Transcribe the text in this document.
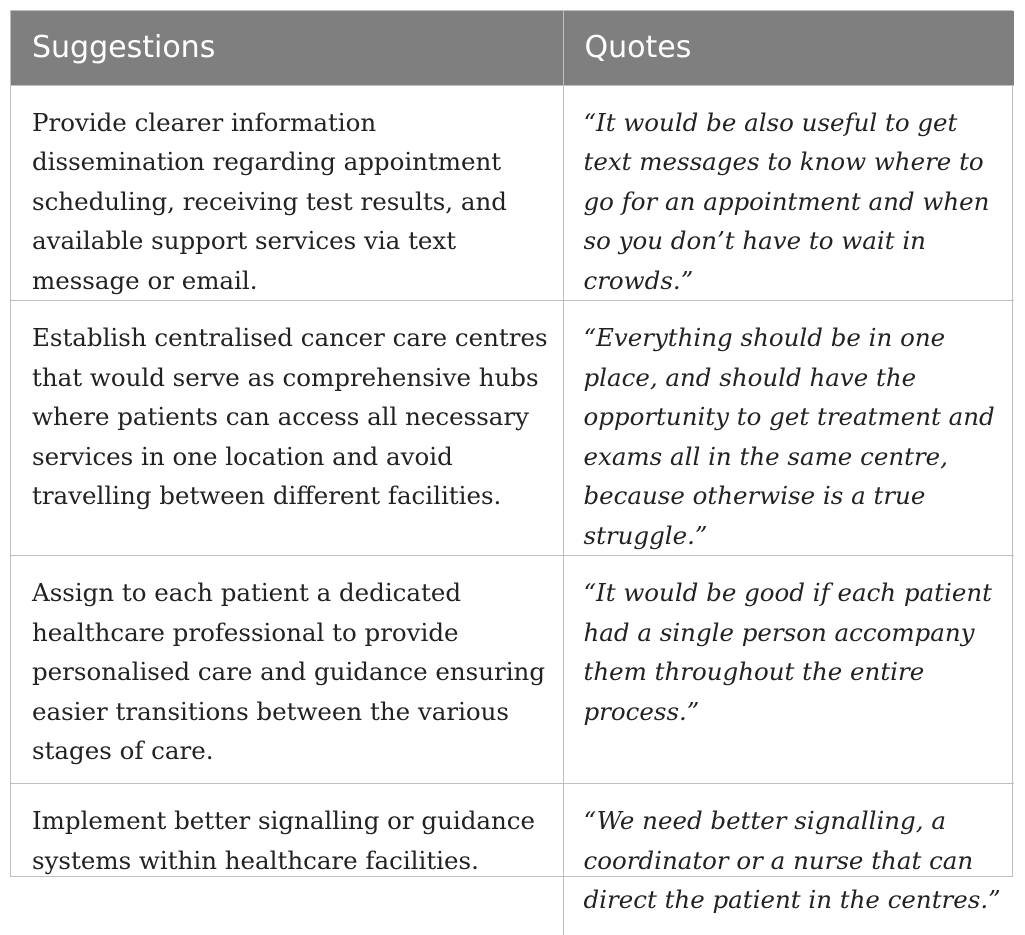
Suggestions	Quotes
Provide clearer information dissemination regarding appointment scheduling, receiving test results, and available support services via text message or email.	“It would be also useful to get text messages to know where to go for an appointment and when so you don’t have to wait in crowds.”
Establish centralised cancer care centres that would serve as comprehensive hubs where patients can access all necessary services in one location and avoid travelling between different facilities.	“Everything should be in one place, and should have the opportunity to get treatment and exams all in the same centre, because otherwise is a true struggle.”
Assign to each patient a dedicated healthcare professional to provide personalised care and guidance ensuring easier transitions between the various stages of care.	“It would be good if each patient had a single person accompany them throughout the entire process.”
Implement better signalling or guidance systems within healthcare facilities.	“We need better signalling, a coordinator or a nurse that can direct the patient in the centres.”
